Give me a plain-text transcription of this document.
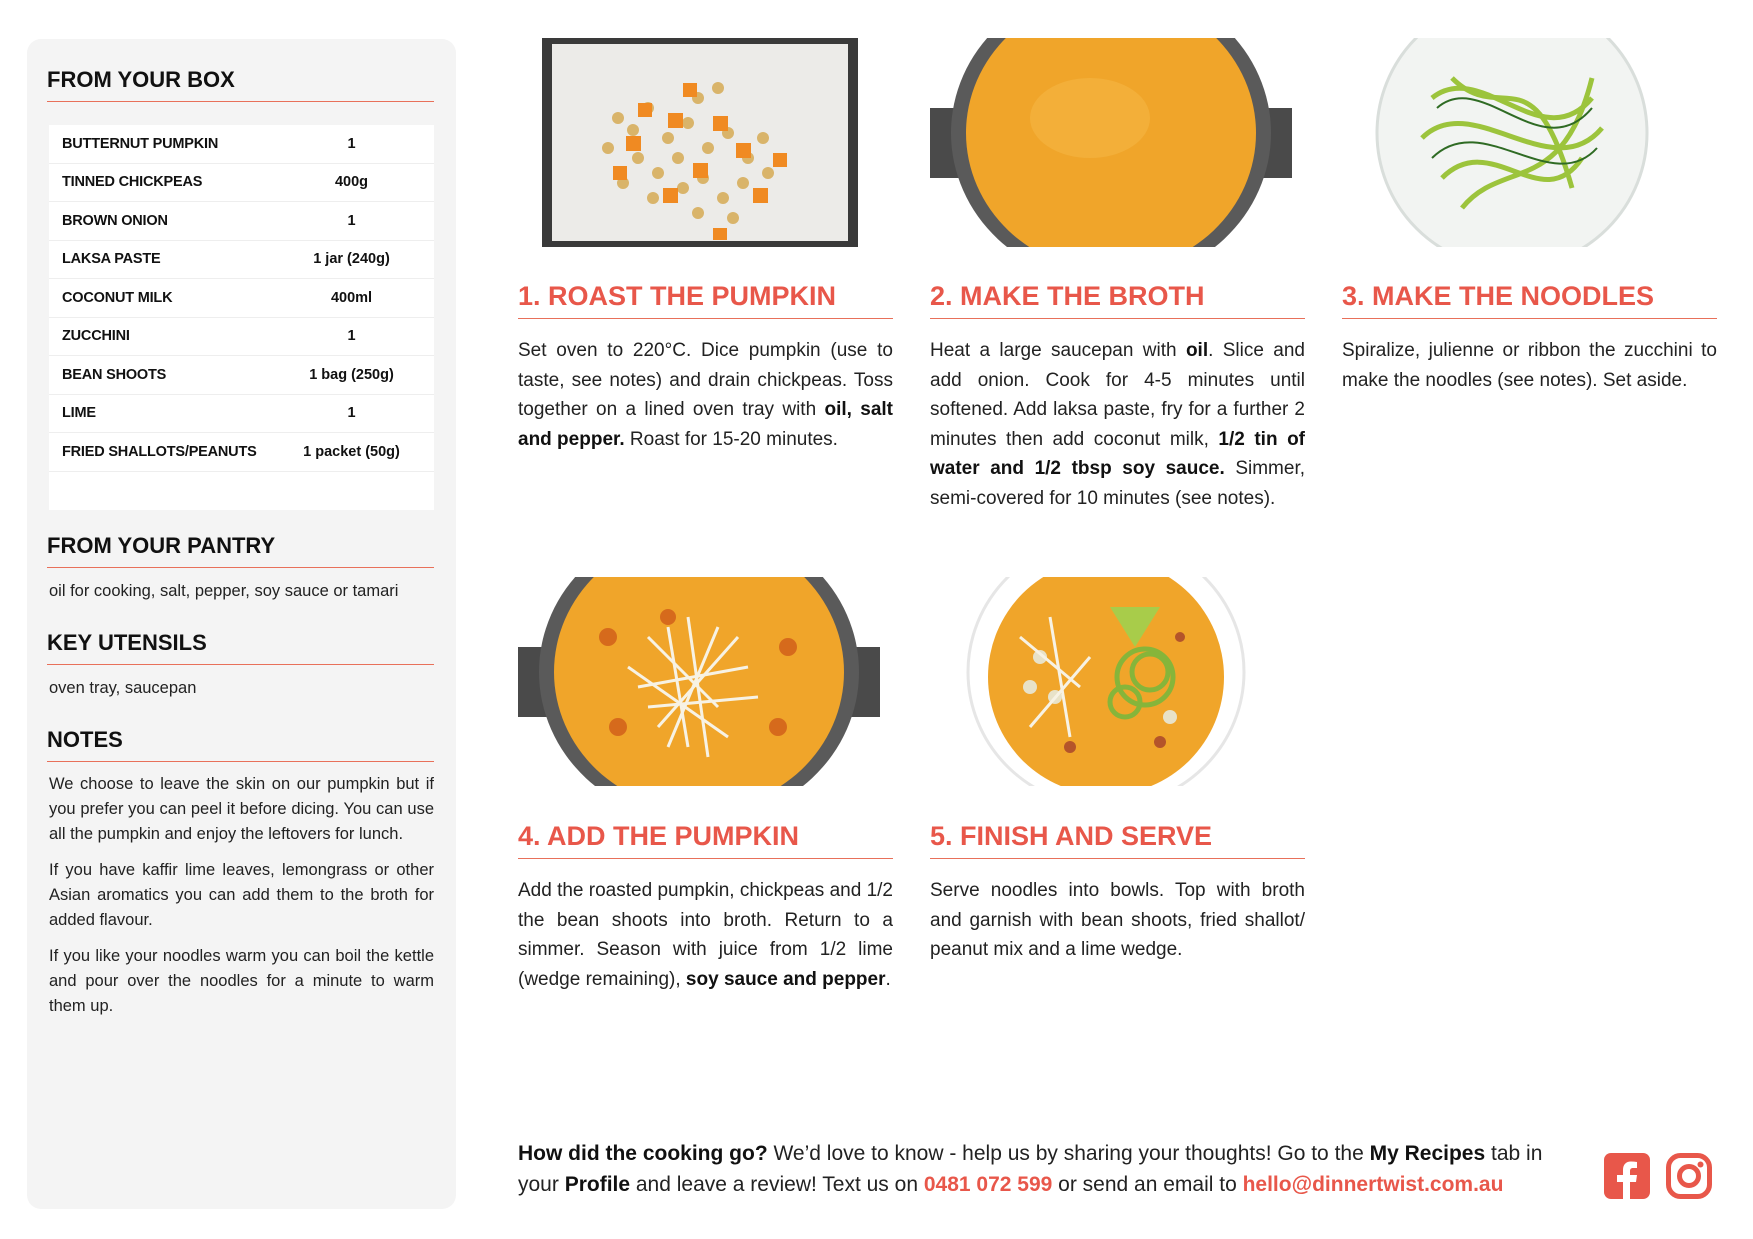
FROM YOUR BOX
BUTTERNUT PUMPKIN	1
TINNED CHICKPEAS	400g
BROWN ONION	1
LAKSA PASTE	1 jar (240g)
COCONUT MILK	400ml
ZUCCHINI	1
BEAN SHOOTS	1 bag (250g)
LIME	1
FRIED SHALLOTS/PEANUTS	1 packet (50g)
FROM YOUR PANTRY
oil for cooking, salt, pepper, soy sauce or tamari
KEY UTENSILS
oven tray, saucepan
NOTES

We choose to leave the skin on our pumpkin but if you prefer you can peel it before dicing. You can use all the pumpkin and enjoy the leftovers for lunch.

If you have kaffir lime leaves, lemongrass or other Asian aromatics you can add them to the broth for added flavour.

If you like your noodles warm you can boil the kettle and pour over the noodles for a minute to warm them up.

1. ROAST THE PUMPKIN	2. MAKE THE BROTH	3. MAKE THE NOODLES
4. ADD THE PUMPKIN	5. FINISH AND SERVE
Set oven to 220°C. Dice pumpkin (use to taste, see notes) and drain chickpeas. Toss together on a lined oven tray with oil, salt and pepper. Roast for 15-20 minutes.
Heat a large saucepan with oil. Slice and add onion. Cook for 4-5 minutes until softened. Add laksa paste, fry for a further 2 minutes then add coconut milk, 1/2 tin of water and 1/2 tbsp soy sauce. Simmer, semi-covered for 10 minutes (see notes).
Spiralize, julienne or ribbon the zucchini to make the noodles (see notes). Set aside.
Add the roasted pumpkin, chickpeas and 1/2 the bean shoots into broth. Return to a simmer. Season with juice from 1/2 lime (wedge remaining), soy sauce and pepper.
Serve noodles into bowls. Top with broth and garnish with bean shoots, fried shallot/ peanut mix and a lime wedge.
How did the cooking go? We’d love to know - help us by sharing your thoughts! Go to the My Recipes tab in your Profile and leave a review! Text us on 0481 072 599 or send an email to hello@dinnertwist.com.au
